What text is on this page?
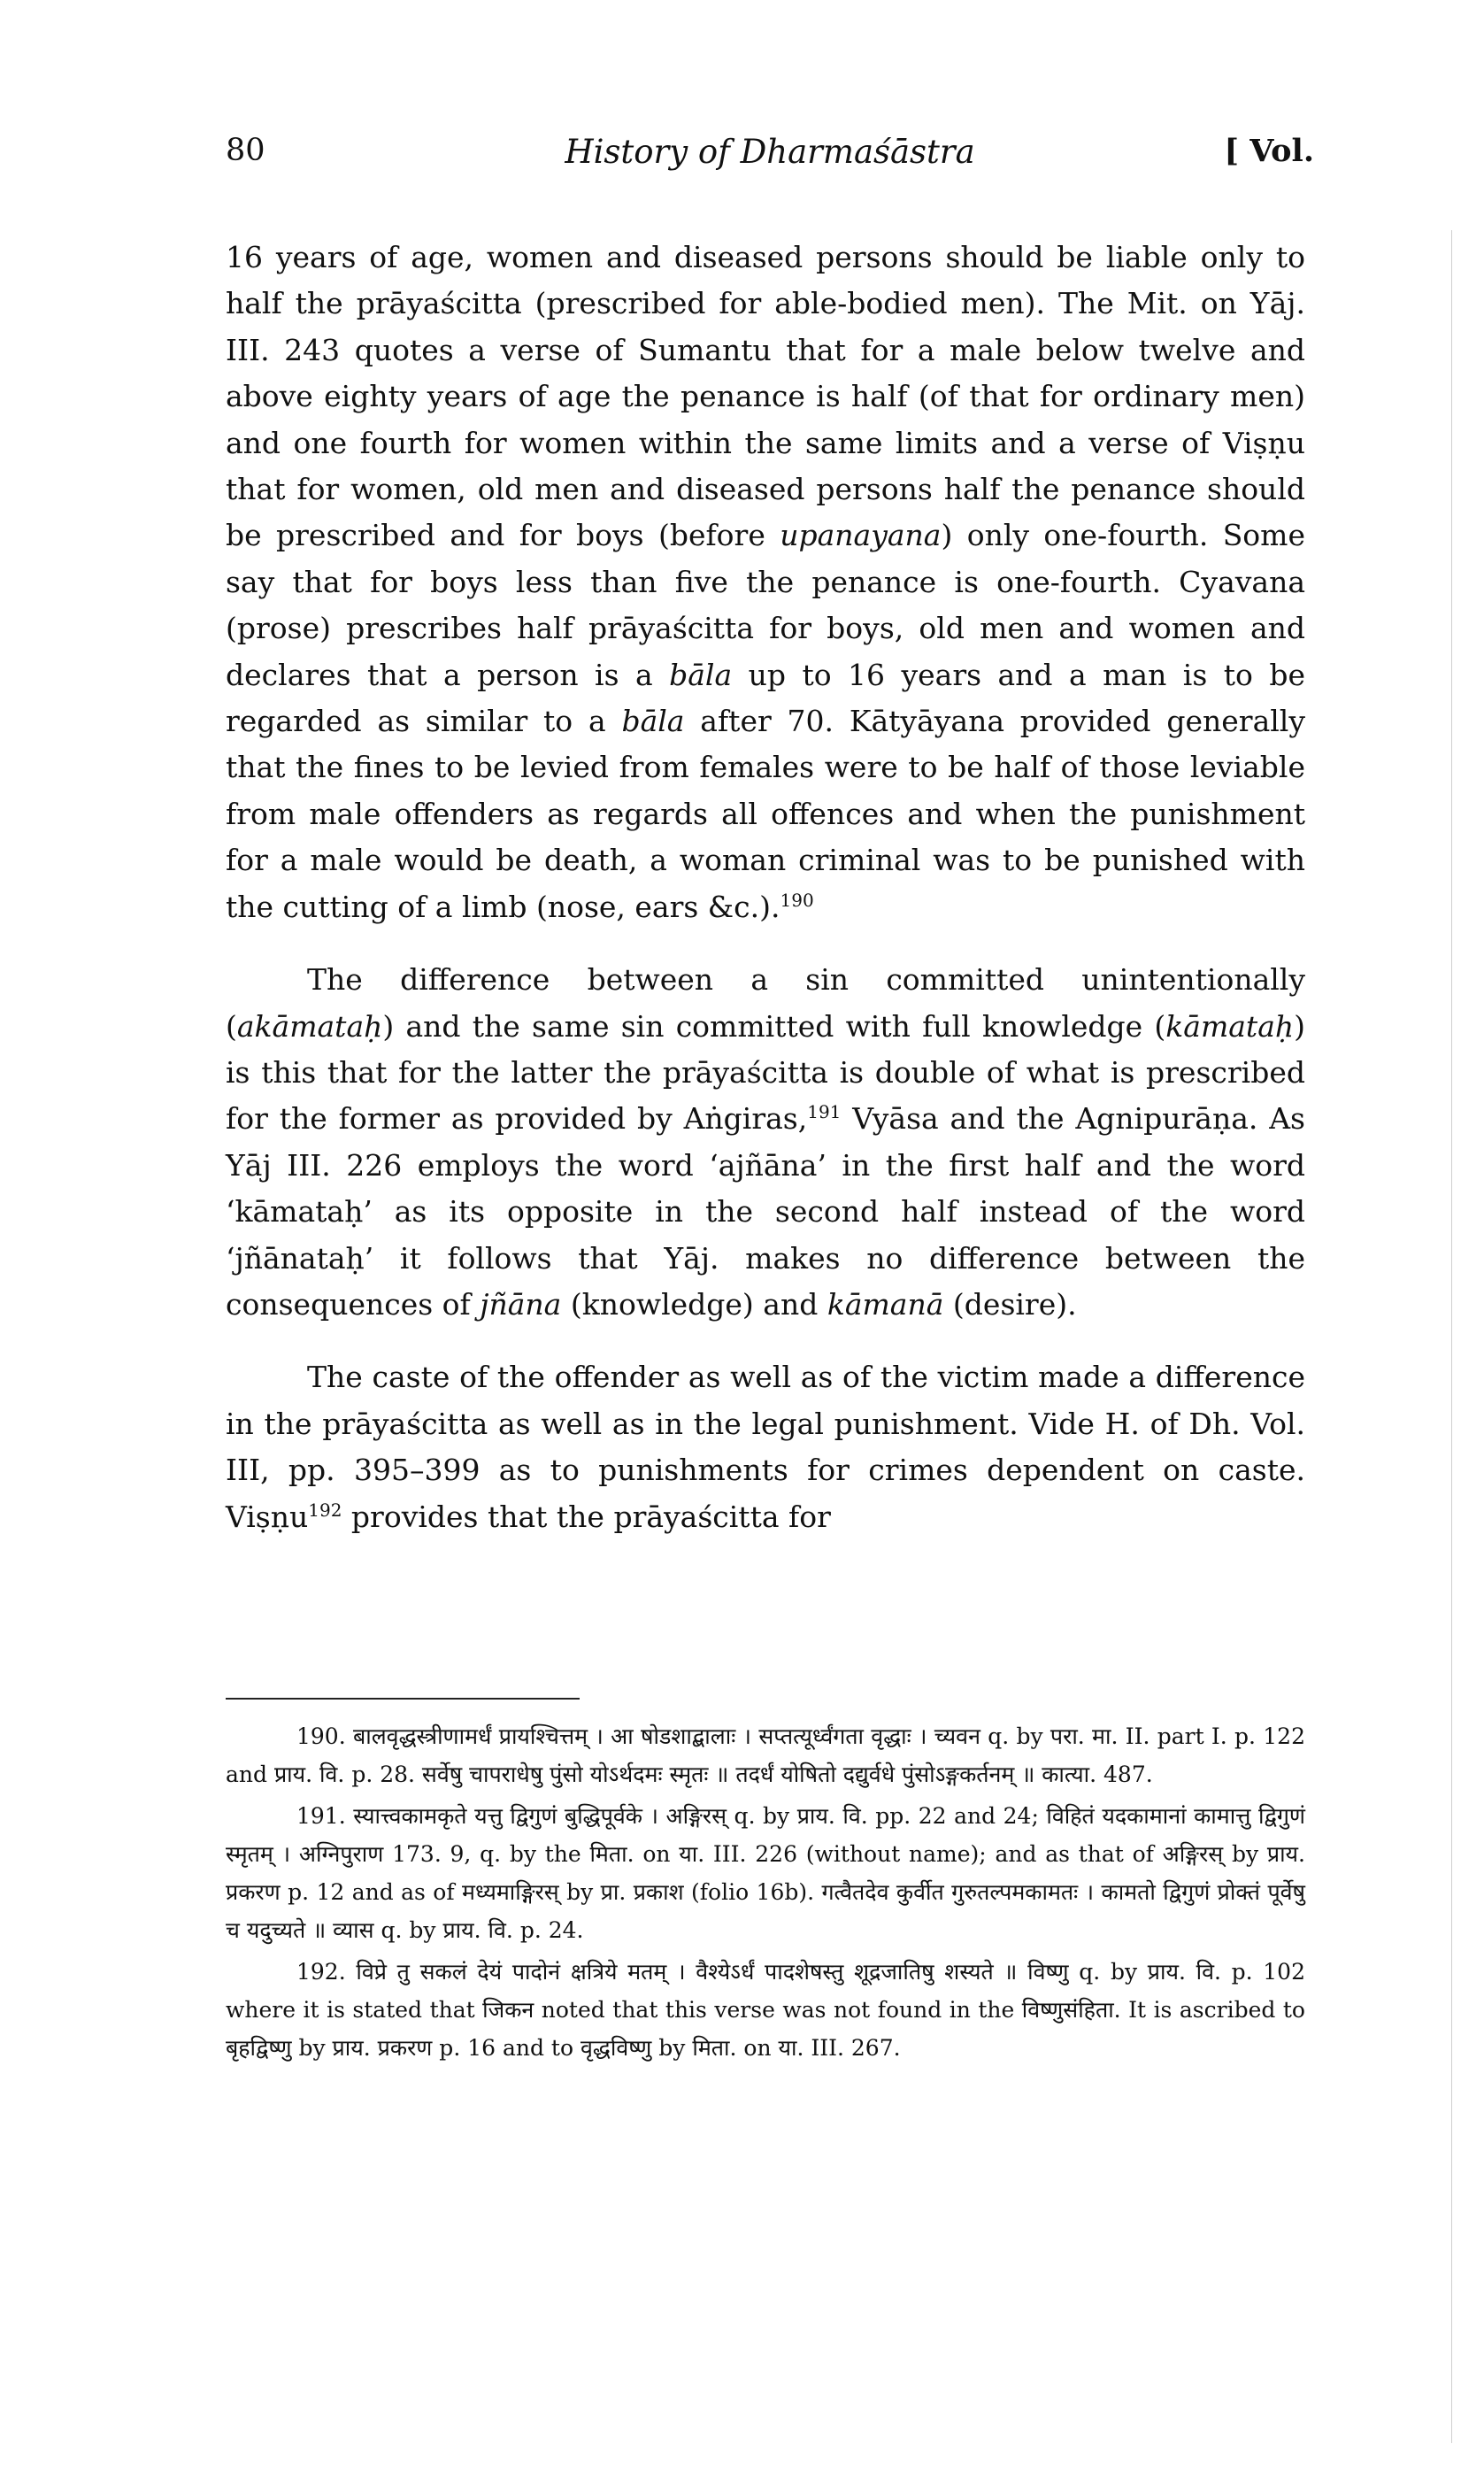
80	History of Dharmaśāstra	[ Vol.

16 years of age, women and diseased persons should be liable only to half the prāyaścitta (prescribed for able-bodied men). The Mit. on Yāj. III. 243 quotes a verse of Sumantu that for a male below twelve and above eighty years of age the penance is half (of that for ordinary men) and one fourth for women within the same limits and a verse of Viṣṇu that for women, old men and diseased persons half the penance should be prescribed and for boys (before upanayana) only one-fourth. Some say that for boys less than five the penance is one-fourth. Cyavana (prose) prescribes half prāyaścitta for boys, old men and women and declares that a person is a bāla up to 16 years and a man is to be regarded as similar to a bāla after 70. Kātyāyana provided generally that the fines to be levied from females were to be half of those leviable from male offenders as regards all offences and when the punishment for a male would be death, a woman criminal was to be punished with the cutting of a limb (nose, ears &c.).$^{190}$

The difference between a sin committed unintentionally (akāmataḥ) and the same sin committed with full knowledge (kāmataḥ) is this that for the latter the prāyaścitta is double of what is prescribed for the former as provided by Aṅgiras,$^{191}$ Vyāsa and the Agnipurāṇa. As Yāj III. 226 employs the word ‘ajñāna’ in the first half and the word ‘kāmataḥ’ as its opposite in the second half instead of the word ‘jñānataḥ’ it follows that Yāj. makes no difference between the consequences of jñāna (knowledge) and kāmanā (desire).

The caste of the offender as well as of the victim made a difference in the prāyaścitta as well as in the legal punishment. Vide H. of Dh. Vol. III, pp. 395–399 as to punishments for crimes dependent on caste. Viṣṇu$^{192}$ provides that the prāyaścitta for

190. बालवृद्धस्त्रीणामर्धं प्रायश्चित्तम् । आ षोडशाद्बालाः । सप्तत्यूर्ध्वंगता वृद्धाः । च्यवन q. by परा. मा. II. part I. p. 122 and प्राय. वि. p. 28. सर्वेषु चापराधेषु पुंसो योऽर्थदमः स्मृतः ॥ तदर्धं योषितो दद्युर्वधे पुंसोऽङ्गकर्तनम् ॥ कात्या. 487.

191. स्यात्त्वकामकृते यत्तु द्विगुणं बुद्धिपूर्वके । अङ्गिरस् q. by प्राय. वि. pp. 22 and 24; विहितं यदकामानां कामात्तु द्विगुणं स्मृतम् । अग्निपुराण 173. 9, q. by the मिता. on या. III. 226 (without name); and as that of अङ्गिरस् by प्राय. प्रकरण p. 12 and as of मध्यमाङ्गिरस् by प्रा. प्रकाश (folio 16b). गत्वैतदेव कुर्वीत गुरुतल्पमकामतः । कामतो द्विगुणं प्रोक्तं पूर्वेषु च यदुच्यते ॥ व्यास q. by प्राय. वि. p. 24.

192. विप्रे तु सकलं देयं पादोनं क्षत्रिये मतम् । वैश्येऽर्धं पादशेषस्तु शूद्रजातिषु शस्यते ॥ विष्णु q. by प्राय. वि. p. 102 where it is stated that जिकन noted that this verse was not found in the विष्णुसंहिता. It is ascribed to बृहद्विष्णु by प्राय. प्रकरण p. 16 and to वृद्धविष्णु by मिता. on या. III. 267.
